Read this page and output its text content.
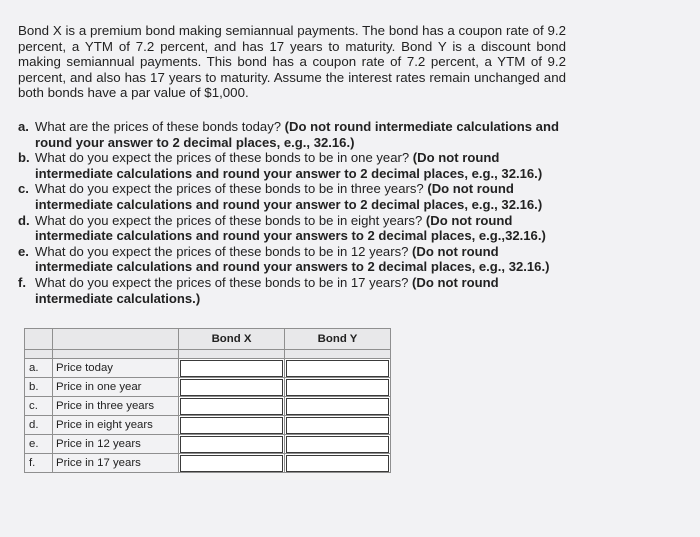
Bond X is a premium bond making semiannual payments. The bond has a coupon rate of 9.2 percent, a YTM of 7.2 percent, and has 17 years to maturity. Bond Y is a discount bond making semiannual payments. This bond has a coupon rate of 7.2 percent, a YTM of 9.2 percent, and also has 17 years to maturity. Assume the interest rates remain unchanged and both bonds have a par value of $1,000.
a. What are the prices of these bonds today? (Do not round intermediate calculations and round your answer to 2 decimal places, e.g., 32.16.)
b. What do you expect the prices of these bonds to be in one year? (Do not round intermediate calculations and round your answer to 2 decimal places, e.g., 32.16.)
c. What do you expect the prices of these bonds to be in three years? (Do not round intermediate calculations and round your answer to 2 decimal places, e.g., 32.16.)
d. What do you expect the prices of these bonds to be in eight years? (Do not round intermediate calculations and round your answers to 2 decimal places, e.g.,32.16.)
e. What do you expect the prices of these bonds to be in 12 years? (Do not round intermediate calculations and round your answers to 2 decimal places, e.g., 32.16.)
f. What do you expect the prices of these bonds to be in 17 years? (Do not round intermediate calculations.)
		Bond X	Bond Y

a.	Price today	

b.	Price in one year	

c.	Price in three years	

d.	Price in eight years	

e.	Price in 12 years	

f.	Price in 17 years	
